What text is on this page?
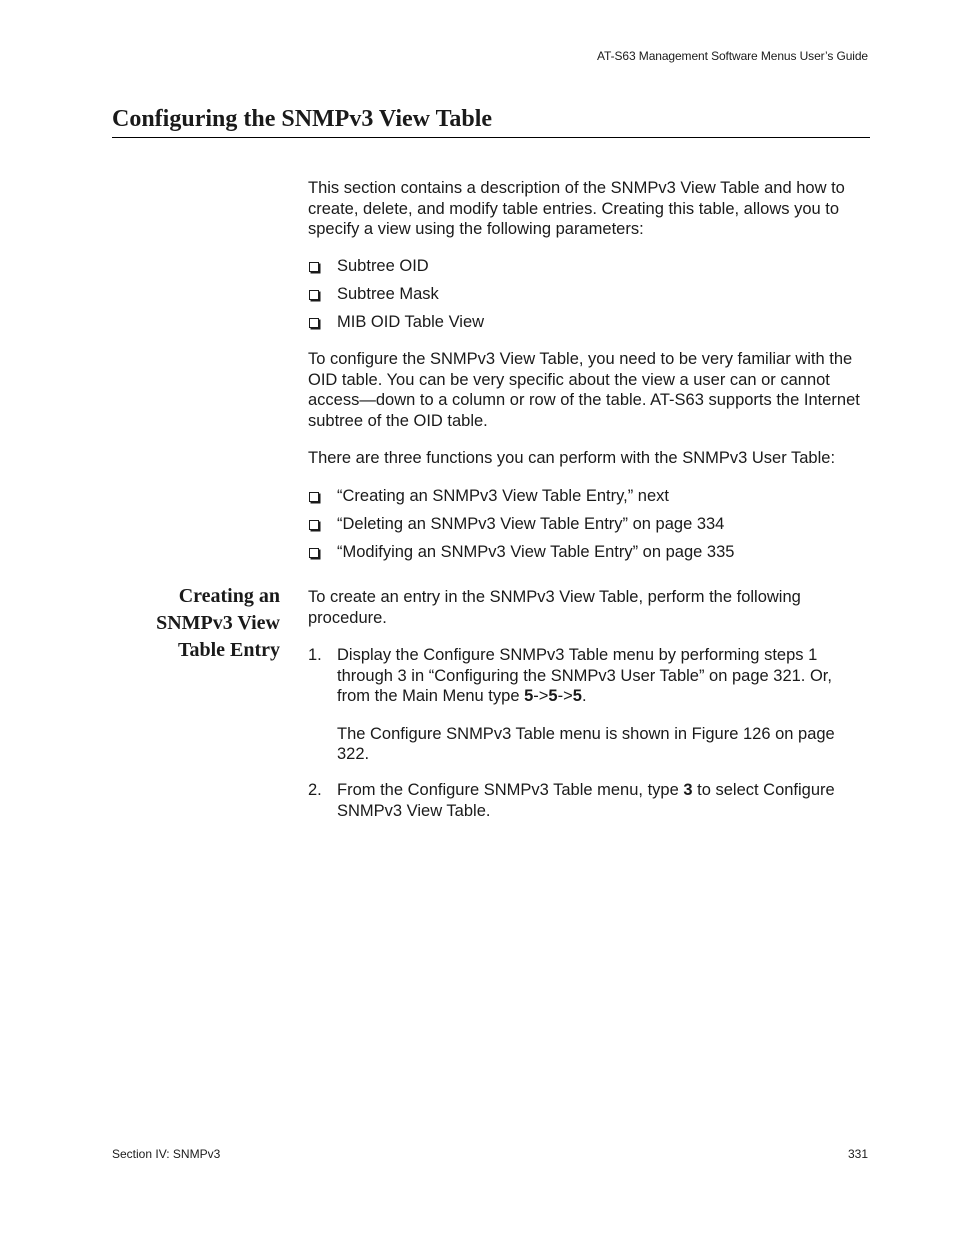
AT-S63 Management Software Menus User’s Guide
Configuring the SNMPv3 View Table

This section contains a description of the SNMPv3 View Table and how to create, delete, and modify table entries. Creating this table, allows you to specify a view using the following parameters:

Subtree OID
Subtree Mask
MIB OID Table View

To configure the SNMPv3 View Table, you need to be very familiar with the OID table. You can be very specific about the view a user can or cannot access—down to a column or row of the table. AT-S63 supports the Internet subtree of the OID table.

There are three functions you can perform with the SNMPv3 User Table:

“Creating an SNMPv3 View Table Entry,” next
“Deleting an SNMPv3 View Table Entry” on page 334
“Modifying an SNMPv3 View Table Entry” on page 335
Creating an
SNMPv3 View
Table Entry

To create an entry in the SNMPv3 View Table, perform the following procedure.

1. Display the Configure SNMPv3 Table menu by performing steps 1 through 3 in “Configuring the SNMPv3 User Table” on page 321. Or, from the Main Menu type 5->5->5.

The Configure SNMPv3 Table menu is shown in Figure 126 on page 322.

2. From the Configure SNMPv3 Table menu, type 3 to select Configure SNMPv3 View Table.

Section IV: SNMPv3	331
